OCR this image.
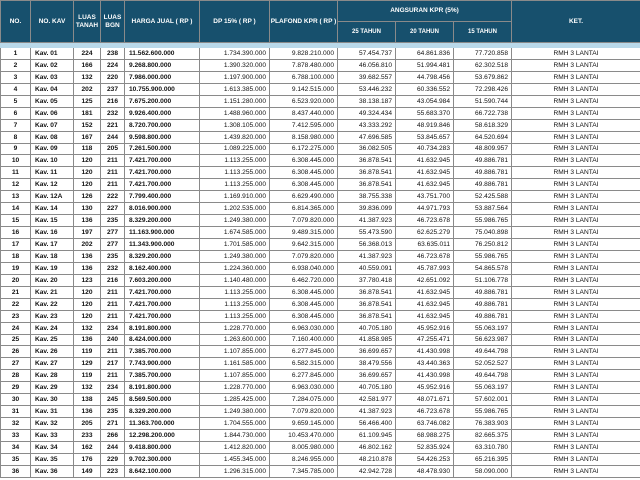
NO.	NO. KAV	LUAS TANAH	LUAS BGN	HARGA JUAL ( RP )	DP 15% ( RP )	PLAFOND KPR ( RP )	ANGSURAN KPR (5%)			KET.
							25 TAHUN	20 TAHUN	15 TAHUN	

1	Kav. 01	224	238	11.562.600.000	1.734.390.000	9.828.210.000	57.454.737	64.861.836	77.720.858	RMH 3 LANTAI
2	Kav. 02	166	224	9.268.800.000	1.390.320.000	7.878.480.000	46.056.810	51.994.481	62.302.518	RMH 3 LANTAI
3	Kav. 03	132	220	7.986.000.000	1.197.900.000	6.788.100.000	39.682.557	44.798.456	53.679.862	RMH 3 LANTAI
4	Kav. 04	202	237	10.755.900.000	1.613.385.000	9.142.515.000	53.446.232	60.336.552	72.298.426	RMH 3 LANTAI
5	Kav. 05	125	216	7.675.200.000	1.151.280.000	6.523.920.000	38.138.187	43.054.984	51.590.744	RMH 3 LANTAI
6	Kav. 06	181	232	9.926.400.000	1.488.960.000	8.437.440.000	49.324.434	55.683.370	66.722.738	RMH 3 LANTAI
7	Kav. 07	152	221	8.720.700.000	1.308.105.000	7.412.595.000	43.333.292	48.919.846	58.618.329	RMH 3 LANTAI
8	Kav. 08	167	244	9.598.800.000	1.439.820.000	8.158.980.000	47.696.585	53.845.657	64.520.694	RMH 3 LANTAI
9	Kav. 09	118	205	7.261.500.000	1.089.225.000	6.172.275.000	36.082.505	40.734.283	48.809.957	RMH 3 LANTAI
10	Kav. 10	120	211	7.421.700.000	1.113.255.000	6.308.445.000	36.878.541	41.632.945	49.886.781	RMH 3 LANTAI
11	Kav. 11	120	211	7.421.700.000	1.113.255.000	6.308.445.000	36.878.541	41.632.945	49.886.781	RMH 3 LANTAI
12	Kav. 12	120	211	7.421.700.000	1.113.255.000	6.308.445.000	36.878.541	41.632.945	49.886.781	RMH 3 LANTAI
13	Kav. 12A	126	222	7.799.400.000	1.169.910.000	6.629.490.000	38.755.338	43.751.700	52.425.588	RMH 3 LANTAI
14	Kav. 14	130	227	8.016.900.000	1.202.535.000	6.814.365.000	39.836.099	44.971.793	53.887.564	RMH 3 LANTAI
15	Kav. 15	136	235	8.329.200.000	1.249.380.000	7.079.820.000	41.387.923	46.723.678	55.986.765	RMH 3 LANTAI
16	Kav. 16	197	277	11.163.900.000	1.674.585.000	9.489.315.000	55.473.590	62.625.279	75.040.898	RMH 3 LANTAI
17	Kav. 17	202	277	11.343.900.000	1.701.585.000	9.642.315.000	56.368.013	63.635.011	76.250.812	RMH 3 LANTAI
18	Kav. 18	136	235	8.329.200.000	1.249.380.000	7.079.820.000	41.387.923	46.723.678	55.986.765	RMH 3 LANTAI
19	Kav. 19	136	232	8.162.400.000	1.224.360.000	6.938.040.000	40.559.091	45.787.993	54.865.578	RMH 3 LANTAI
20	Kav. 20	123	216	7.603.200.000	1.140.480.000	6.462.720.000	37.780.418	42.651.092	51.106.778	RMH 3 LANTAI
21	Kav. 21	120	211	7.421.700.000	1.113.255.000	6.308.445.000	36.878.541	41.632.945	49.886.781	RMH 3 LANTAI
22	Kav. 22	120	211	7.421.700.000	1.113.255.000	6.308.445.000	36.878.541	41.632.945	49.886.781	RMH 3 LANTAI
23	Kav. 23	120	211	7.421.700.000	1.113.255.000	6.308.445.000	36.878.541	41.632.945	49.886.781	RMH 3 LANTAI
24	Kav. 24	132	234	8.191.800.000	1.228.770.000	6.963.030.000	40.705.180	45.952.916	55.063.197	RMH 3 LANTAI
25	Kav. 25	136	240	8.424.000.000	1.263.600.000	7.160.400.000	41.858.985	47.255.471	56.623.987	RMH 3 LANTAI
26	Kav. 26	119	211	7.385.700.000	1.107.855.000	6.277.845.000	36.699.657	41.430.998	49.644.798	RMH 3 LANTAI
27	Kav. 27	129	217	7.743.900.000	1.161.585.000	6.582.315.000	38.479.556	43.440.363	52.052.527	RMH 3 LANTAI
28	Kav. 28	119	211	7.385.700.000	1.107.855.000	6.277.845.000	36.699.657	41.430.998	49.644.798	RMH 3 LANTAI
29	Kav. 29	132	234	8.191.800.000	1.228.770.000	6.963.030.000	40.705.180	45.952.916	55.063.197	RMH 3 LANTAI
30	Kav. 30	138	245	8.569.500.000	1.285.425.000	7.284.075.000	42.581.977	48.071.671	57.602.001	RMH 3 LANTAI
31	Kav. 31	136	235	8.329.200.000	1.249.380.000	7.079.820.000	41.387.923	46.723.678	55.986.765	RMH 3 LANTAI
32	Kav. 32	205	271	11.363.700.000	1.704.555.000	9.659.145.000	56.466.400	63.746.082	76.383.903	RMH 3 LANTAI
33	Kav. 33	233	266	12.298.200.000	1.844.730.000	10.453.470.000	61.109.945	68.988.275	82.665.375	RMH 3 LANTAI
34	Kav. 34	162	244	9.418.800.000	1.412.820.000	8.005.980.000	46.802.162	52.835.924	63.310.780	RMH 3 LANTAI
35	Kav. 35	176	229	9.702.300.000	1.455.345.000	8.246.955.000	48.210.878	54.426.253	65.216.395	RMH 3 LANTAI
36	Kav. 36	149	223	8.642.100.000	1.296.315.000	7.345.785.000	42.942.728	48.478.930	58.090.000	RMH 3 LANTAI
